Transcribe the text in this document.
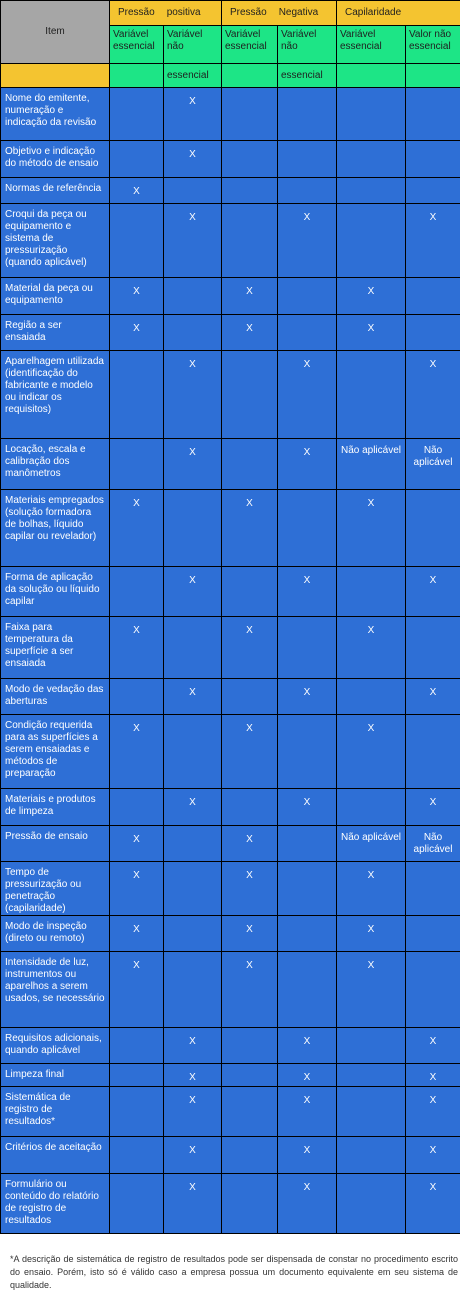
Item	Pressão positiva		Pressão Negativa		Capilaridade	
	Variável essencial	Variável não	Variável essencial	Variável não	Variável essencial	Valor não essencial
		essencial		essencial		
Nome do emitente, numeração e indicação da revisão		X				
Objetivo e indicação do método de ensaio		X				
Normas de referência	X					
Croqui da peça ou equipamento e sistema de pressurização (quando aplicável)		X		X		X
Material da peça ou equipamento	X		X		X	
Região a ser ensaiada	X		X		X	
Aparelhagem utilizada (identificação do fabricante e modelo ou indicar os requisitos)		X		X		X
Locação, escala e calibração dos manômetros		X		X	Não aplicável	Não aplicável
Materiais empregados (solução formadora de bolhas, líquido capilar ou revelador)	X		X		X	
Forma de aplicação da solução ou líquido capilar		X		X		X
Faixa para temperatura da superfície a ser ensaiada	X		X		X	
Modo de vedação das aberturas		X		X		X
Condição requerida para as superfícies a serem ensaiadas e métodos de preparação	X		X		X	
Materiais e produtos de limpeza		X		X		X
Pressão de ensaio	X		X		Não aplicável	Não aplicável
Tempo de pressurização ou penetração (capilaridade)	X		X		X	
Modo de inspeção (direto ou remoto)	X		X		X	
Intensidade de luz, instrumentos ou aparelhos a serem usados, se necessário	X		X		X	
Requisitos adicionais, quando aplicável		X		X		X
Limpeza final		X		X		X
Sistemática de registro de resultados*		X		X		X
Critérios de aceitação		X		X		X
Formulário ou conteúdo do relatório de registro de resultados		X		X		X
*A descrição de sistemática de registro de resultados pode ser dispensada de constar no procedimento escrito do ensaio. Porém, isto só é válido caso a empresa possua um documento equivalente em seu sistema de qualidade.
